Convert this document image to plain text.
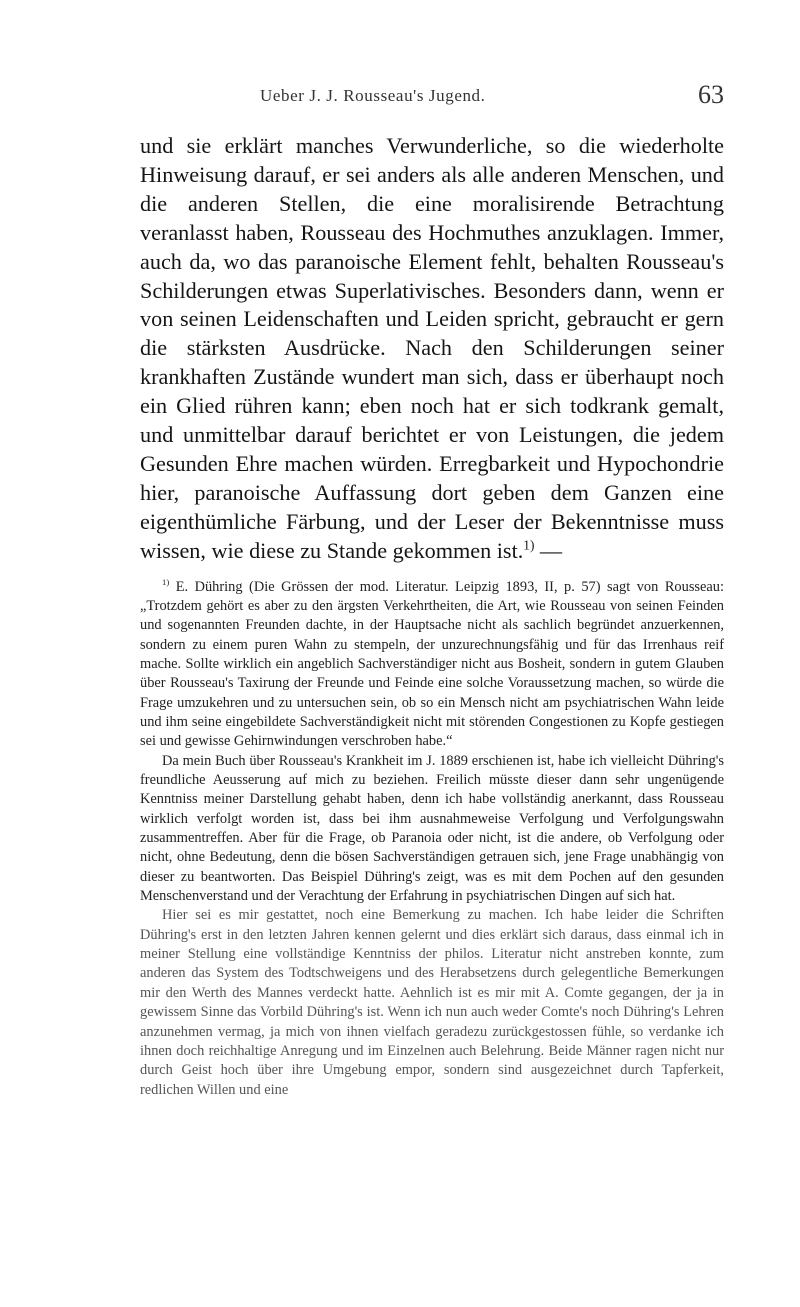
Ueber J. J. Rousseau's Jugend.	63

und sie erklärt manches Verwunderliche, so die wiederholte Hinweisung darauf, er sei anders als alle anderen Menschen, und die anderen Stellen, die eine moralisirende Betrachtung veranlasst haben, Rousseau des Hochmuthes anzuklagen. Immer, auch da, wo das paranoische Element fehlt, behalten Rousseau's Schilderungen etwas Superlativisches. Besonders dann, wenn er von seinen Leidenschaften und Leiden spricht, gebraucht er gern die stärksten Ausdrücke. Nach den Schilderungen seiner krankhaften Zustände wundert man sich, dass er überhaupt noch ein Glied rühren kann; eben noch hat er sich todkrank gemalt, und unmittelbar darauf berichtet er von Leistungen, die jedem Gesunden Ehre machen würden. Erregbarkeit und Hypochondrie hier, paranoische Auffassung dort geben dem Ganzen eine eigenthümliche Färbung, und der Leser der Bekenntnisse muss wissen, wie diese zu Stande gekommen ist.$^{1)}$ —

$^{1)}$ E. Dühring (Die Grössen der mod. Literatur. Leipzig 1893, II, p. 57) sagt von Rousseau: „Trotzdem gehört es aber zu den ärgsten Verkehrtheiten, die Art, wie Rousseau von seinen Feinden und sogenannten Freunden dachte, in der Hauptsache nicht als sachlich begründet anzuerkennen, sondern zu einem puren Wahn zu stempeln, der unzurechnungsfähig und für das Irrenhaus reif mache. Sollte wirklich ein angeblich Sachverständiger nicht aus Bosheit, sondern in gutem Glauben über Rousseau's Taxirung der Freunde und Feinde eine solche Voraussetzung machen, so würde die Frage umzukehren und zu untersuchen sein, ob so ein Mensch nicht am psychiatrischen Wahn leide und ihm seine eingebildete Sachverständigkeit nicht mit störenden Congestionen zu Kopfe gestiegen sei und gewisse Gehirnwindungen verschroben habe.“

Da mein Buch über Rousseau's Krankheit im J. 1889 erschienen ist, habe ich vielleicht Dühring's freundliche Aeusserung auf mich zu beziehen. Freilich müsste dieser dann sehr ungenügende Kenntniss meiner Darstellung gehabt haben, denn ich habe vollständig anerkannt, dass Rousseau wirklich verfolgt worden ist, dass bei ihm ausnahmeweise Verfolgung und Verfolgungswahn zusammentreffen. Aber für die Frage, ob Paranoia oder nicht, ist die andere, ob Verfolgung oder nicht, ohne Bedeutung, denn die bösen Sachverständigen getrauen sich, jene Frage unabhängig von dieser zu beantworten. Das Beispiel Dühring's zeigt, was es mit dem Pochen auf den gesunden Menschenverstand und der Verachtung der Erfahrung in psychiatrischen Dingen auf sich hat.

Hier sei es mir gestattet, noch eine Bemerkung zu machen. Ich habe leider die Schriften Dühring's erst in den letzten Jahren kennen gelernt und dies erklärt sich daraus, dass einmal ich in meiner Stellung eine vollständige Kenntniss der philos. Literatur nicht anstreben konnte, zum anderen das System des Todtschweigens und des Herabsetzens durch gelegentliche Bemerkungen mir den Werth des Mannes verdeckt hatte. Aehnlich ist es mir mit A. Comte gegangen, der ja in gewissem Sinne das Vorbild Dühring's ist. Wenn ich nun auch weder Comte's noch Dühring's Lehren anzunehmen vermag, ja mich von ihnen vielfach geradezu zurückgestossen fühle, so verdanke ich ihnen doch reichhaltige Anregung und im Einzelnen auch Belehrung. Beide Männer ragen nicht nur durch Geist hoch über ihre Umgebung empor, sondern sind ausgezeichnet durch Tapferkeit, redlichen Willen und eine
